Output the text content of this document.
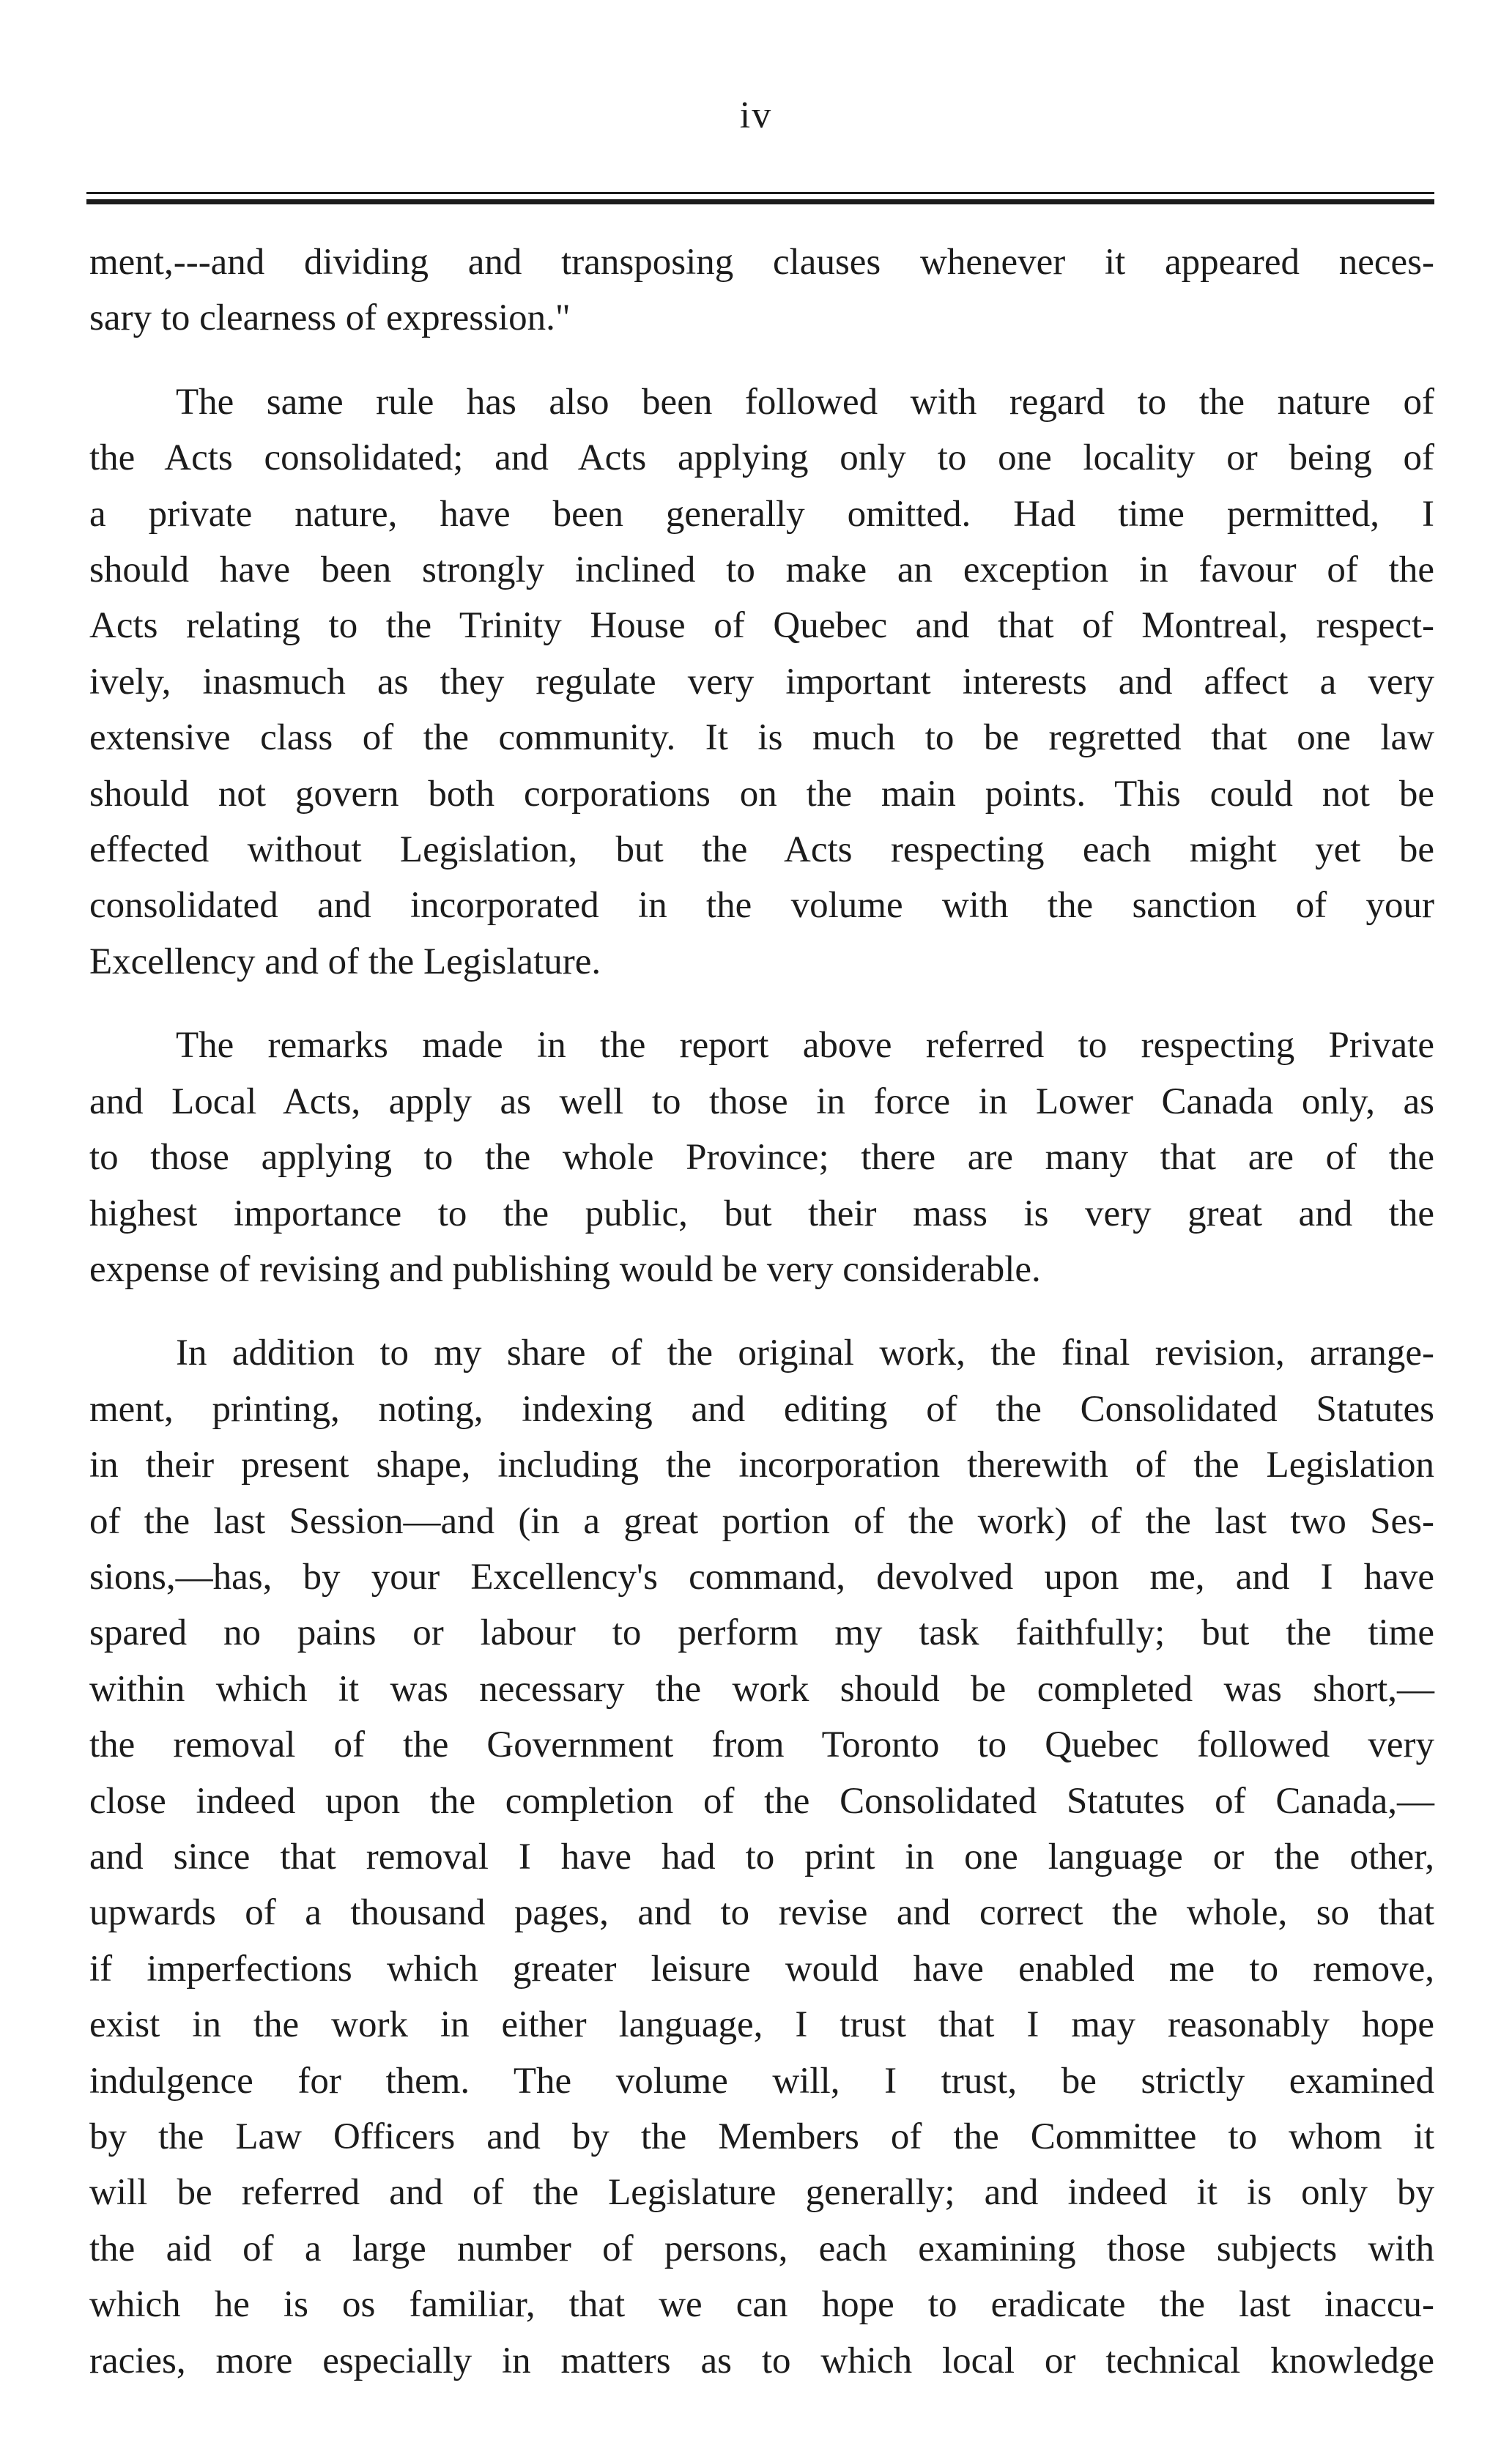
iv

ment,---and dividing and transposing clauses whenever it appeared neces-
sary to clearness of expression."

The same rule has also been followed with regard to the nature of
the Acts consolidated; and Acts applying only to one locality or being of
a private nature, have been generally omitted. Had time permitted, I
should have been strongly inclined to make an exception in favour of the
Acts relating to the Trinity House of Quebec and that of Montreal, respect-
ively, inasmuch as they regulate very important interests and affect a very
extensive class of the community. It is much to be regretted that one law
should not govern both corporations on the main points. This could not be
effected without Legislation, but the Acts respecting each might yet be
consolidated and incorporated in the volume with the sanction of your
Excellency and of the Legislature.

The remarks made in the report above referred to respecting Private
and Local Acts, apply as well to those in force in Lower Canada only, as
to those applying to the whole Province; there are many that are of the
highest importance to the public, but their mass is very great and the
expense of revising and publishing would be very considerable.

In addition to my share of the original work, the final revision, arrange-
ment, printing, noting, indexing and editing of the Consolidated Statutes
in their present shape, including the incorporation therewith of the Legislation
of the last Session—and (in a great portion of the work) of the last two Ses-
sions,—has, by your Excellency's command, devolved upon me, and I have
spared no pains or labour to perform my task faithfully; but the time
within which it was necessary the work should be completed was short,—
the removal of the Government from Toronto to Quebec followed very
close indeed upon the completion of the Consolidated Statutes of Canada,—
and since that removal I have had to print in one language or the other,
upwards of a thousand pages, and to revise and correct the whole, so that
if imperfections which greater leisure would have enabled me to remove,
exist in the work in either language, I trust that I may reasonably hope
indulgence for them. The volume will, I trust, be strictly examined
by the Law Officers and by the Members of the Committee to whom it
will be referred and of the Legislature generally; and indeed it is only by
the aid of a large number of persons, each examining those subjects with
which he is os familiar, that we can hope to eradicate the last inaccu-
racies, more especially in matters as to which local or technical knowledge
